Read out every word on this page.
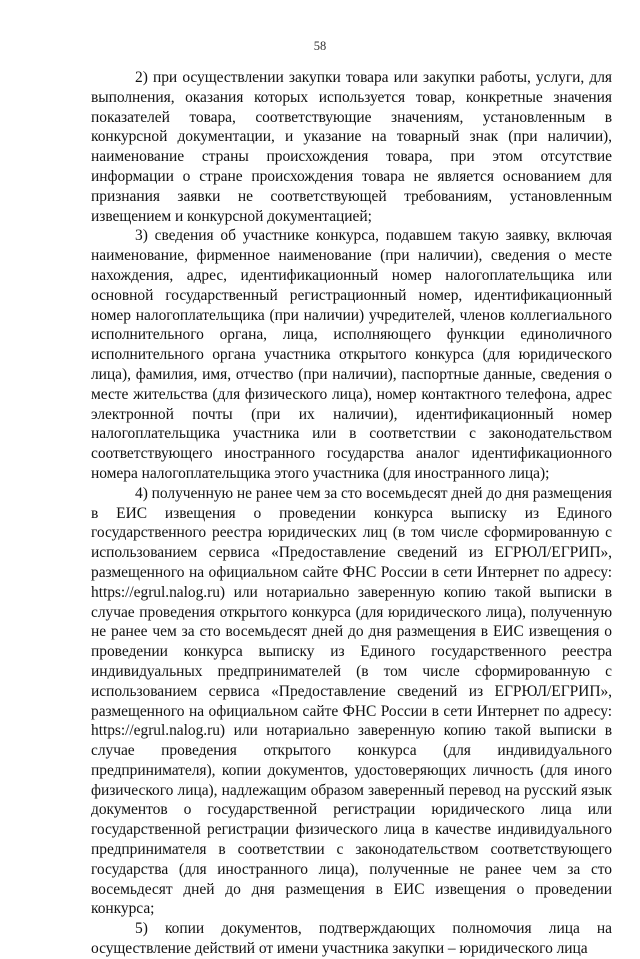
58

2) при осуществлении закупки товара или закупки работы, услуги, для выполнения, оказания которых используется товар, конкретные значения показателей товара, соответствующие значениям, установленным в конкурсной документации, и указание на товарный знак (при наличии), наименование страны происхождения товара, при этом отсутствие информации о стране происхождения товара не является основанием для признания заявки не соответствующей требованиям, установленным извещением и конкурсной документацией;

3) сведения об участнике конкурса, подавшем такую заявку, включая наименование, фирменное наименование (при наличии), сведения о месте нахождения, адрес, идентификационный номер налогоплательщика или основной государственный регистрационный номер, идентификационный номер налогоплательщика (при наличии) учредителей, членов коллегиального исполнительного органа, лица, исполняющего функции единоличного исполнительного органа участника открытого конкурса (для юридического лица), фамилия, имя, отчество (при наличии), паспортные данные, сведения о месте жительства (для физического лица), номер контактного телефона, адрес электронной почты (при их наличии), идентификационный номер налогоплательщика участника или в соответствии с законодательством соответствующего иностранного государства аналог идентификационного номера налогоплательщика этого участника (для иностранного лица);

4) полученную не ранее чем за сто восемьдесят дней до дня размещения в ЕИС извещения о проведении конкурса выписку из Единого государственного реестра юридических лиц (в том числе сформированную с использованием сервиса «Предоставление сведений из ЕГРЮЛ/ЕГРИП», размещенного на официальном сайте ФНС России в сети Интернет по адресу: https://egrul.nalog.ru) или нотариально заверенную копию такой выписки в случае проведения открытого конкурса (для юридического лица), полученную не ранее чем за сто восемьдесят дней до дня размещения в ЕИС извещения о проведении конкурса выписку из Единого государственного реестра индивидуальных предпринимателей (в том числе сформированную с использованием сервиса «Предоставление сведений из ЕГРЮЛ/ЕГРИП», размещенного на официальном сайте ФНС России в сети Интернет по адресу: https://egrul.nalog.ru) или нотариально заверенную копию такой выписки в случае проведения открытого конкурса (для индивидуального предпринимателя), копии документов, удостоверяющих личность (для иного физического лица), надлежащим образом заверенный перевод на русский язык документов о государственной регистрации юридического лица или государственной регистрации физического лица в качестве индивидуального предпринимателя в соответствии с законодательством соответствующего государства (для иностранного лица), полученные не ранее чем за сто восемьдесят дней до дня размещения в ЕИС извещения о проведении конкурса;

5) копии документов, подтверждающих полномочия лица на осуществление действий от имени участника закупки – юридического лица
